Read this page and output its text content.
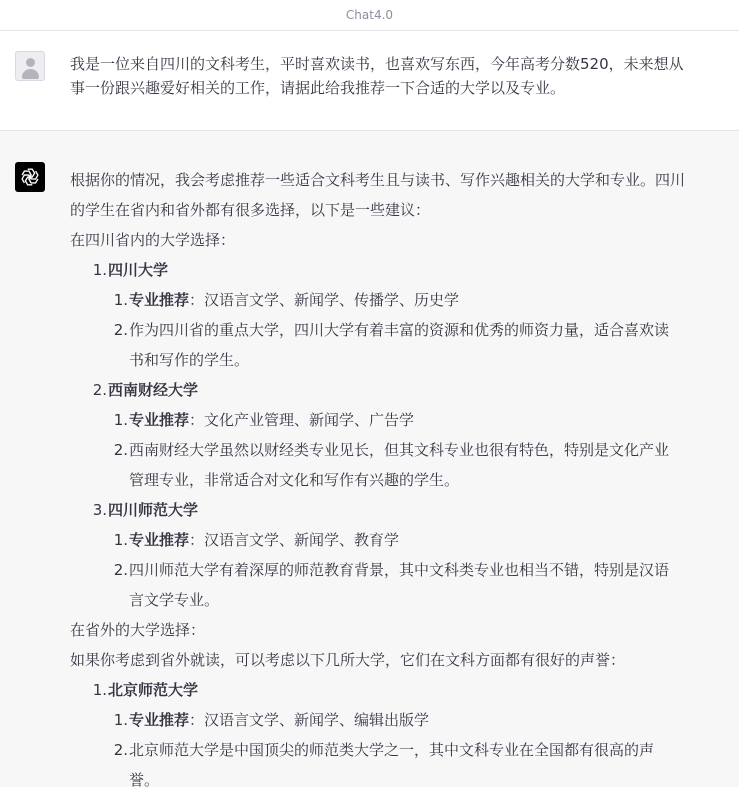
Chat4.0
我是一位来自四川的文科考生，平时喜欢读书，也喜欢写东西，今年高考分数520，未来想从事一份跟兴趣爱好相关的工作，请据此给我推荐一下合适的大学以及专业。

根据你的情况，我会考虑推荐一些适合文科考生且与读书、写作兴趣相关的大学和专业。四川的学生在省内和省外都有很多选择，以下是一些建议：

在四川省内的大学选择：

1. 四川大学
1. 专业推荐：汉语言文学、新闻学、传播学、历史学
2. 作为四川省的重点大学，四川大学有着丰富的资源和优秀的师资力量，适合喜欢读书和写作的学生。
2. 西南财经大学
1. 专业推荐：文化产业管理、新闻学、广告学
2. 西南财经大学虽然以财经类专业见长，但其文科专业也很有特色，特别是文化产业管理专业，非常适合对文化和写作有兴趣的学生。
3. 四川师范大学
1. 专业推荐：汉语言文学、新闻学、教育学
2. 四川师范大学有着深厚的师范教育背景，其中文科类专业也相当不错，特别是汉语言文学专业。

在省外的大学选择：

如果你考虑到省外就读，可以考虑以下几所大学，它们在文科方面都有很好的声誉：

1. 北京师范大学
1. 专业推荐：汉语言文学、新闻学、编辑出版学
2. 北京师范大学是中国顶尖的师范类大学之一，其中文科专业在全国都有很高的声誉。
